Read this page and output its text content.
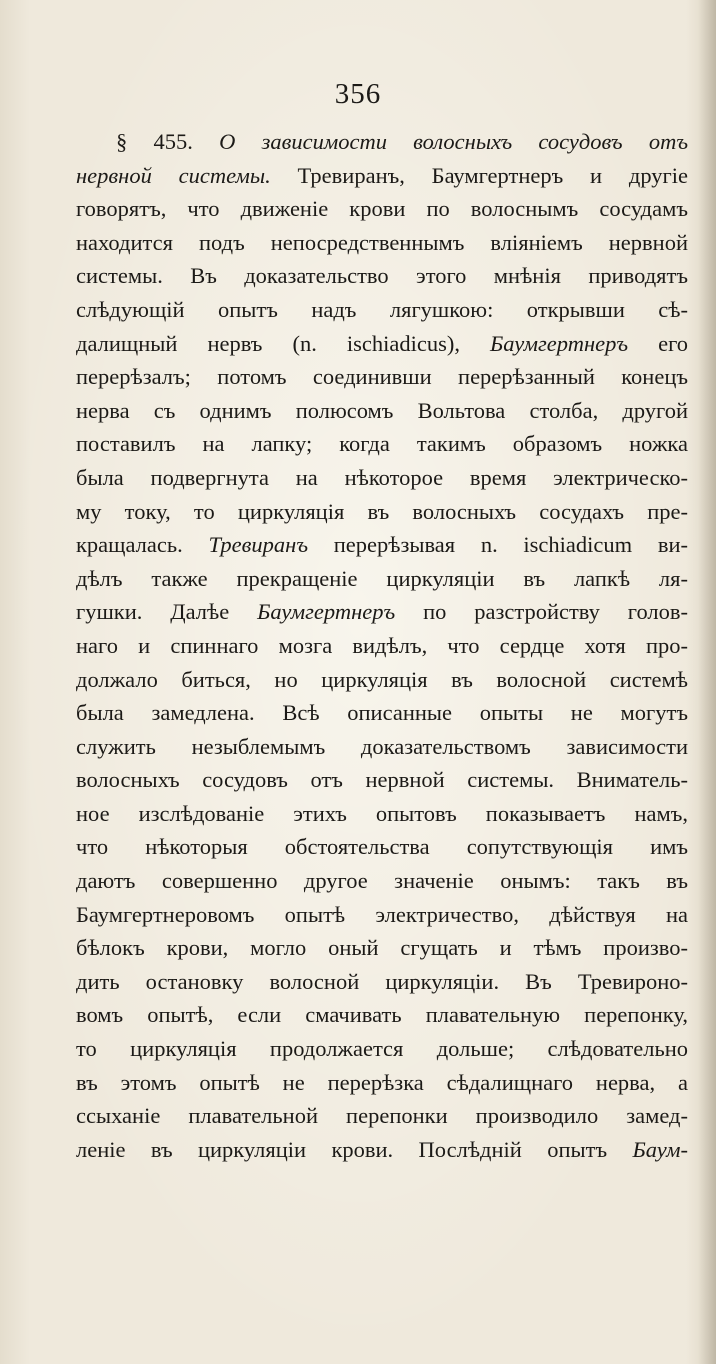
356
§ 455. О зависимости волосныхъ сосудовъ отъ
нервной системы. Тревиранъ, Баумгертнеръ и другіе
говорятъ, что движеніе крови по волоснымъ сосудамъ
находится подъ непосредственнымъ вліяніемъ нервной
системы. Въ доказательство этого мнѣнія приводятъ
слѣдующій опытъ надъ лягушкою: открывши сѣ-
далищный нервъ (n. ischiadicus), Баумгертнеръ его
перерѣзалъ; потомъ соединивши перерѣзанный конецъ
нерва съ однимъ полюсомъ Вольтова столба, другой
поставилъ на лапку; когда такимъ образомъ ножка
была подвергнута на нѣкоторое время электрическо-
му току, то циркуляція въ волосныхъ сосудахъ пре-
кращалась. Тревиранъ перерѣзывая n. ischiadicum ви-
дѣлъ также прекращеніе циркуляціи въ лапкѣ ля-
гушки. Далѣе Баумгертнеръ по разстройству голов-
наго и спиннаго мозга видѣлъ, что сердце хотя про-
должало биться, но циркуляція въ волосной системѣ
была замедлена. Всѣ описанные опыты не могутъ
служить незыблемымъ доказательствомъ зависимости
волосныхъ сосудовъ отъ нервной системы. Вниматель-
ное изслѣдованіе этихъ опытовъ показываетъ намъ,
что нѣкоторыя обстоятельства сопутствующія имъ
даютъ совершенно другое значеніе онымъ: такъ въ
Баумгертнеровомъ опытѣ электричество, дѣйствуя на
бѣлокъ крови, могло оный сгущать и тѣмъ произво-
дить остановку волосной циркуляціи. Въ Тревироно-
вомъ опытѣ, если смачивать плавательную перепонку,
то циркуляція продолжается дольше; слѣдовательно
въ этомъ опытѣ не перерѣзка сѣдалищнаго нерва, а
ссыханіе плавательной перепонки производило замед-
леніе въ циркуляціи крови. Послѣдній опытъ Баум-
